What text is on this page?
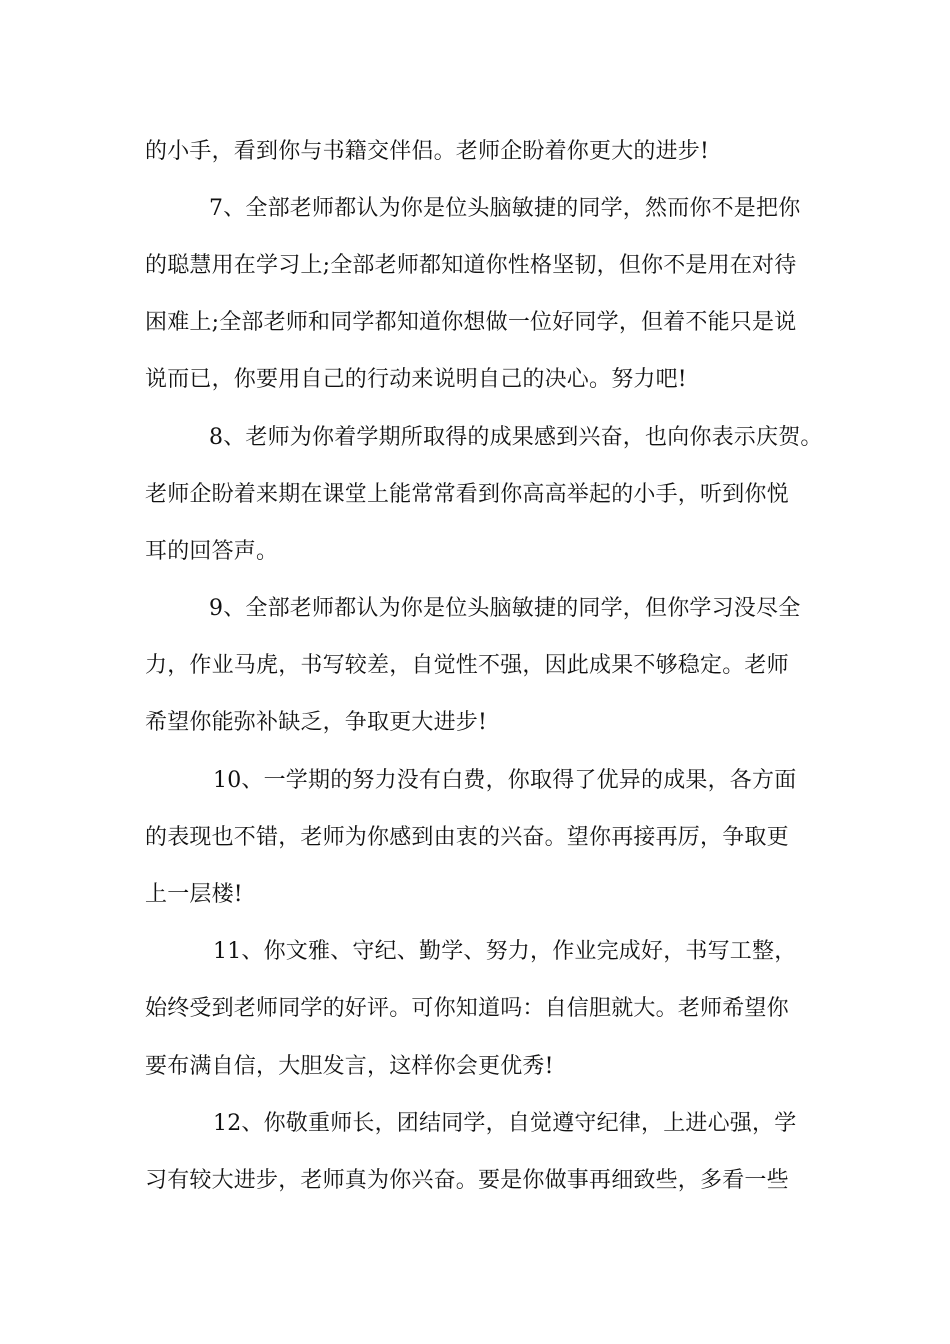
的小手，看到你与书籍交伴侣。老师企盼着你更大的进步!
7、全部老师都认为你是位头脑敏捷的同学，然而你不是把你
的聪慧用在学习上;全部老师都知道你性格坚韧，但你不是用在对待
困难上;全部老师和同学都知道你想做一位好同学，但着不能只是说
说而已，你要用自己的行动来说明自己的决心。努力吧!
8、老师为你着学期所取得的成果感到兴奋，也向你表示庆贺。
老师企盼着来期在课堂上能常常看到你高高举起的小手，听到你悦
耳的回答声。
9、全部老师都认为你是位头脑敏捷的同学，但你学习没尽全
力，作业马虎，书写较差，自觉性不强，因此成果不够稳定。老师
希望你能弥补缺乏，争取更大进步!
10、一学期的努力没有白费，你取得了优异的成果，各方面
的表现也不错，老师为你感到由衷的兴奋。望你再接再厉，争取更
上一层楼!
11、你文雅、守纪、勤学、努力，作业完成好，书写工整，
始终受到老师同学的好评。可你知道吗：自信胆就大。老师希望你
要布满自信，大胆发言，这样你会更优秀!
12、你敬重师长，团结同学，自觉遵守纪律，上进心强，学
习有较大进步，老师真为你兴奋。要是你做事再细致些，多看一些
